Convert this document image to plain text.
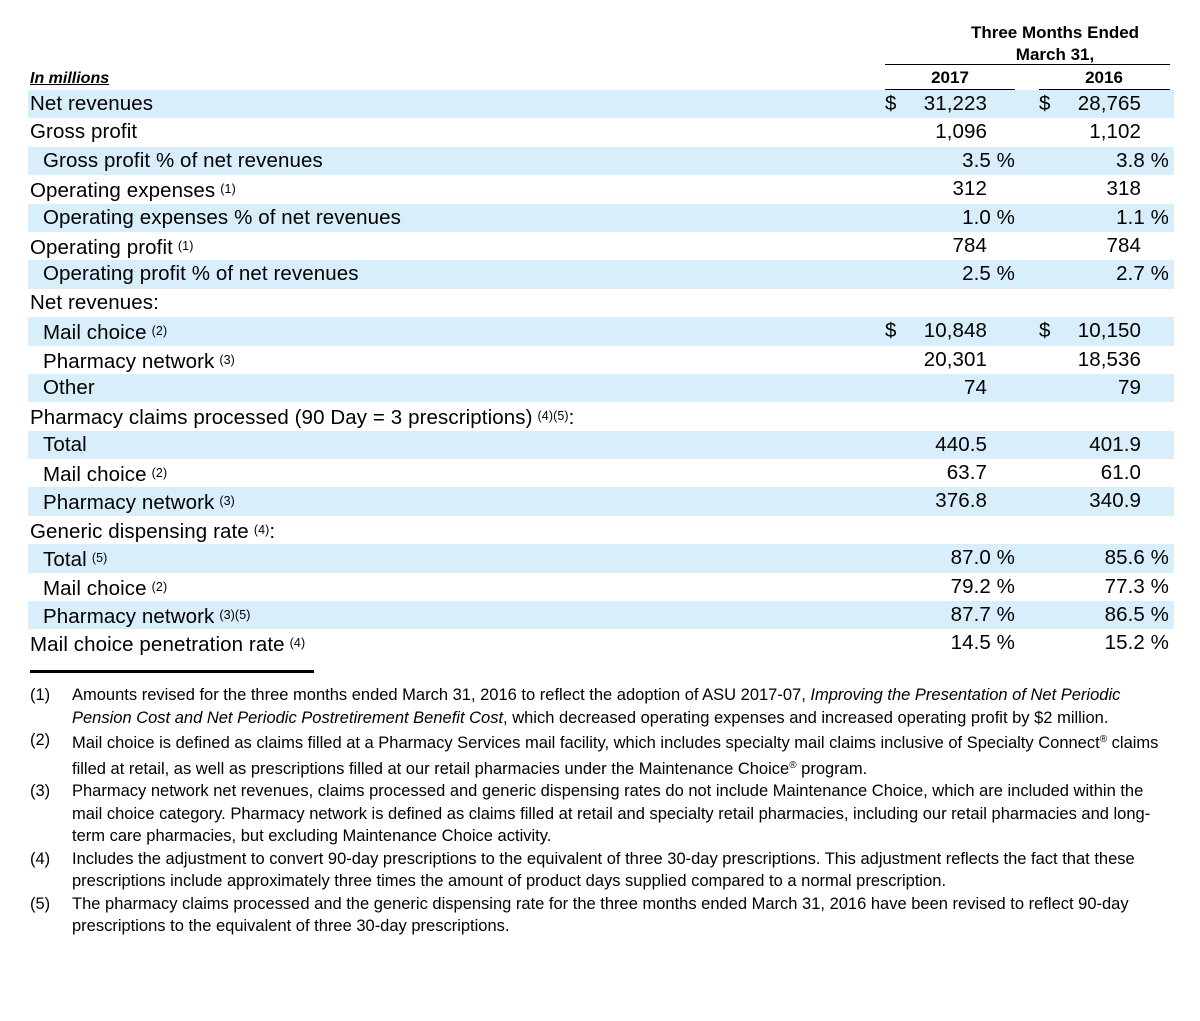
Three Months Ended
March 31,
2017	2016
In millions
Net revenues	$ 31,223	$ 28,765
Gross profit	1,096	1,102
Gross profit % of net revenues	3.5 %	3.8 %
Operating expenses $^{(1)}$	312	318
Operating expenses % of net revenues	1.0 %	1.1 %
Operating profit $^{(1)}$	784	784
Operating profit % of net revenues	2.5 %	2.7 %
Net revenues:
Mail choice $^{(2)}$	$ 10,848	$ 10,150
Pharmacy network $^{(3)}$	20,301	18,536
Other	74	79
Pharmacy claims processed (90 Day = 3 prescriptions) $^{(4)(5)}$:
Total	440.5	401.9
Mail choice $^{(2)}$	63.7	61.0
Pharmacy network $^{(3)}$	376.8	340.9
Generic dispensing rate $^{(4)}$:
Total $^{(5)}$	87.0 %	85.6 %
Mail choice $^{(2)}$	79.2 %	77.3 %
Pharmacy network $^{(3)(5)}$	87.7 %	86.5 %
Mail choice penetration rate $^{(4)}$	14.5 %	15.2 %
(1) Amounts revised for the three months ended March 31, 2016 to reflect the adoption of ASU 2017-07, Improving the Presentation of Net Periodic Pension Cost and Net Periodic Postretirement Benefit Cost, which decreased operating expenses and increased operating profit by $2 million.
(2) Mail choice is defined as claims filled at a Pharmacy Services mail facility, which includes specialty mail claims inclusive of Specialty Connect® claims filled at retail, as well as prescriptions filled at our retail pharmacies under the Maintenance Choice® program.
(3) Pharmacy network net revenues, claims processed and generic dispensing rates do not include Maintenance Choice, which are included within the mail choice category. Pharmacy network is defined as claims filled at retail and specialty retail pharmacies, including our retail pharmacies and long-term care pharmacies, but excluding Maintenance Choice activity.
(4) Includes the adjustment to convert 90-day prescriptions to the equivalent of three 30-day prescriptions. This adjustment reflects the fact that these prescriptions include approximately three times the amount of product days supplied compared to a normal prescription.
(5) The pharmacy claims processed and the generic dispensing rate for the three months ended March 31, 2016 have been revised to reflect 90-day prescriptions to the equivalent of three 30-day prescriptions.
